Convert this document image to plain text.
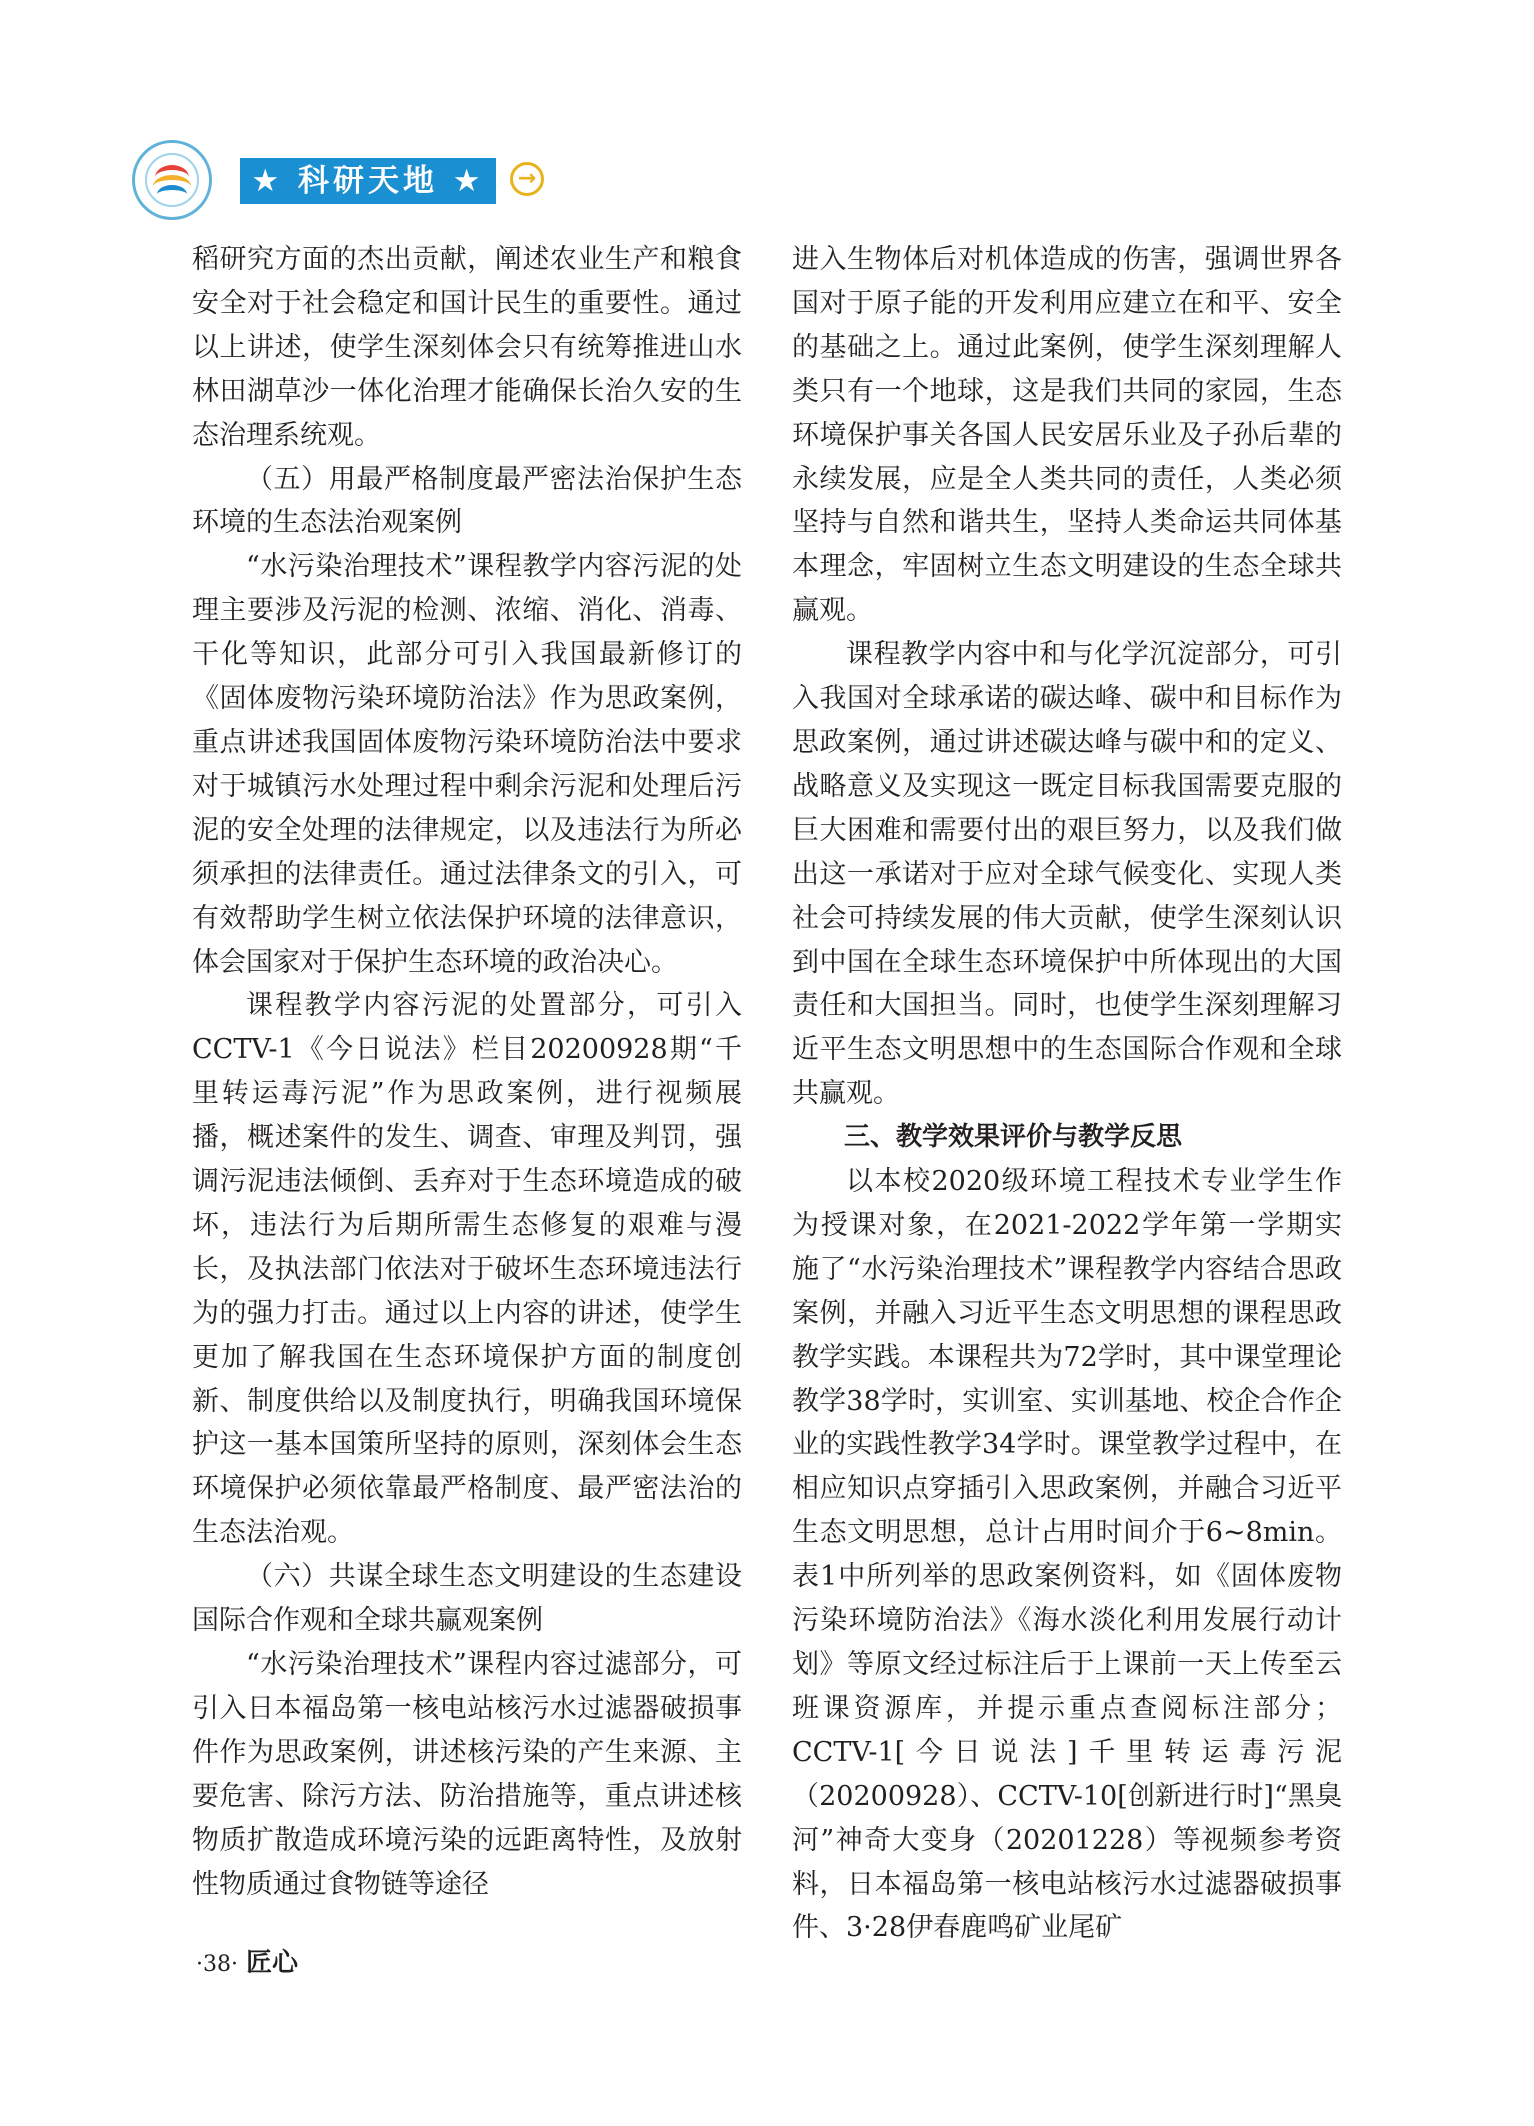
★ 科研天地 ★	→

稻研究方面的杰出贡献，阐述农业生产和粮食安全对于社会稳定和国计民生的重要性。通过以上讲述，使学生深刻体会只有统筹推进山水林田湖草沙一体化治理才能确保长治久安的生态治理系统观。

（五）用最严格制度最严密法治保护生态环境的生态法治观案例

“水污染治理技术”课程教学内容污泥的处理主要涉及污泥的检测、浓缩、消化、消毒、干化等知识，此部分可引入我国最新修订的《固体废物污染环境防治法》作为思政案例，重点讲述我国固体废物污染环境防治法中要求对于城镇污水处理过程中剩余污泥和处理后污泥的安全处理的法律规定，以及违法行为所必须承担的法律责任。通过法律条文的引入，可有效帮助学生树立依法保护环境的法律意识，体会国家对于保护生态环境的政治决心。

课程教学内容污泥的处置部分，可引入CCTV-1《今日说法》栏目20200928期“千里转运毒污泥”作为思政案例，进行视频展播，概述案件的发生、调查、审理及判罚，强调污泥违法倾倒、丢弃对于生态环境造成的破坏，违法行为后期所需生态修复的艰难与漫长，及执法部门依法对于破坏生态环境违法行为的强力打击。通过以上内容的讲述，使学生更加了解我国在生态环境保护方面的制度创新、制度供给以及制度执行，明确我国环境保护这一基本国策所坚持的原则，深刻体会生态环境保护必须依靠最严格制度、最严密法治的生态法治观。

（六）共谋全球生态文明建设的生态建设国际合作观和全球共赢观案例

“水污染治理技术”课程内容过滤部分，可引入日本福岛第一核电站核污水过滤器破损事件作为思政案例，讲述核污染的产生来源、主要危害、除污方法、防治措施等，重点讲述核物质扩散造成环境污染的远距离特性，及放射性物质通过食物链等途径

进入生物体后对机体造成的伤害，强调世界各国对于原子能的开发利用应建立在和平、安全的基础之上。通过此案例，使学生深刻理解人类只有一个地球，这是我们共同的家园，生态环境保护事关各国人民安居乐业及子孙后辈的永续发展，应是全人类共同的责任，人类必须坚持与自然和谐共生，坚持人类命运共同体基本理念，牢固树立生态文明建设的生态全球共赢观。

课程教学内容中和与化学沉淀部分，可引入我国对全球承诺的碳达峰、碳中和目标作为思政案例，通过讲述碳达峰与碳中和的定义、战略意义及实现这一既定目标我国需要克服的巨大困难和需要付出的艰巨努力，以及我们做出这一承诺对于应对全球气候变化、实现人类社会可持续发展的伟大贡献，使学生深刻认识到中国在全球生态环境保护中所体现出的大国责任和大国担当。同时，也使学生深刻理解习近平生态文明思想中的生态国际合作观和全球共赢观。

三、教学效果评价与教学反思

以本校2020级环境工程技术专业学生作为授课对象，在2021-2022学年第一学期实施了“水污染治理技术”课程教学内容结合思政案例，并融入习近平生态文明思想的课程思政教学实践。本课程共为72学时，其中课堂理论教学38学时，实训室、实训基地、校企合作企业的实践性教学34学时。课堂教学过程中，在相应知识点穿插引入思政案例，并融合习近平生态文明思想，总计占用时间介于6~8min。表1中所列举的思政案例资料，如《固体废物污染环境防治法》《海水淡化利用发展行动计划》等原文经过标注后于上课前一天上传至云班课资源库，并提示重点查阅标注部分；CCTV-1[今日说法]千里转运毒污泥（20200928）、CCTV-10[创新进行时]“黑臭河”神奇大变身（20201228）等视频参考资料，日本福岛第一核电站核污水过滤器破损事件、3·28伊春鹿鸣矿业尾矿

·38· 匠心
